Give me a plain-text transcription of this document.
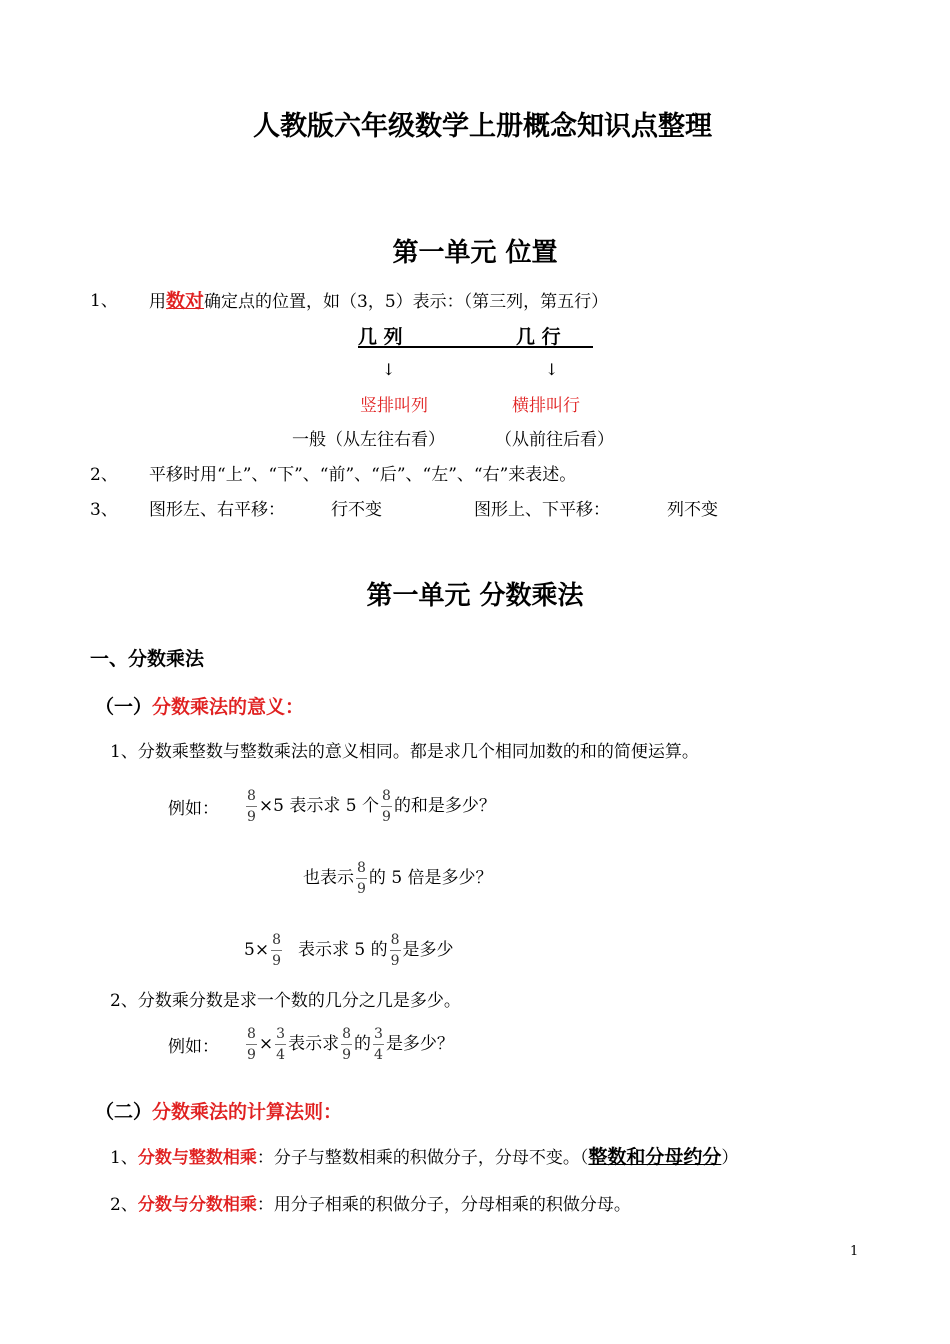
人教版六年级数学上册概念知识点整理
第一单元 位置
1、 用数对确定点的位置，如（3，5）表示：（第三列，第五行）
几 列	几 行
↓	↓
竖排叫列	横排叫行
一般（从左往右看）	（从前往后看）
2、 平移时用“上”、“下”、“前”、“后”、“左”、“右”来表述。
3、 图形左、右平移：	行不变	图形上、下平移：	列不变
第一单元 分数乘法
一、分数乘法
（一）分数乘法的意义：
1、分数乘整数与整数乘法的意义相同。都是求几个相同加数的和的简便运算。
例如： $\frac{8}{9} \times 5$ 表示求 5 个 $\frac{8}{9}$ 的和是多少？
也表示 $\frac{8}{9}$ 的 5 倍是多少？
$5\times \frac{8}{9}$ 表示求 5 的 $\frac{8}{9}$ 是多少
2、分数乘分数是求一个数的几分之几是多少。
例如： $\frac{8}{9} \times \frac{3}{4}$ 表示求 $\frac{8}{9}$ 的 $\frac{3}{4}$ 是多少？
（二）分数乘法的计算法则：
1、分数与整数相乘：分子与整数相乘的积做分子，分母不变。（整数和分母约分）
2、分数与分数相乘：用分子相乘的积做分子，分母相乘的积做分母。
1
